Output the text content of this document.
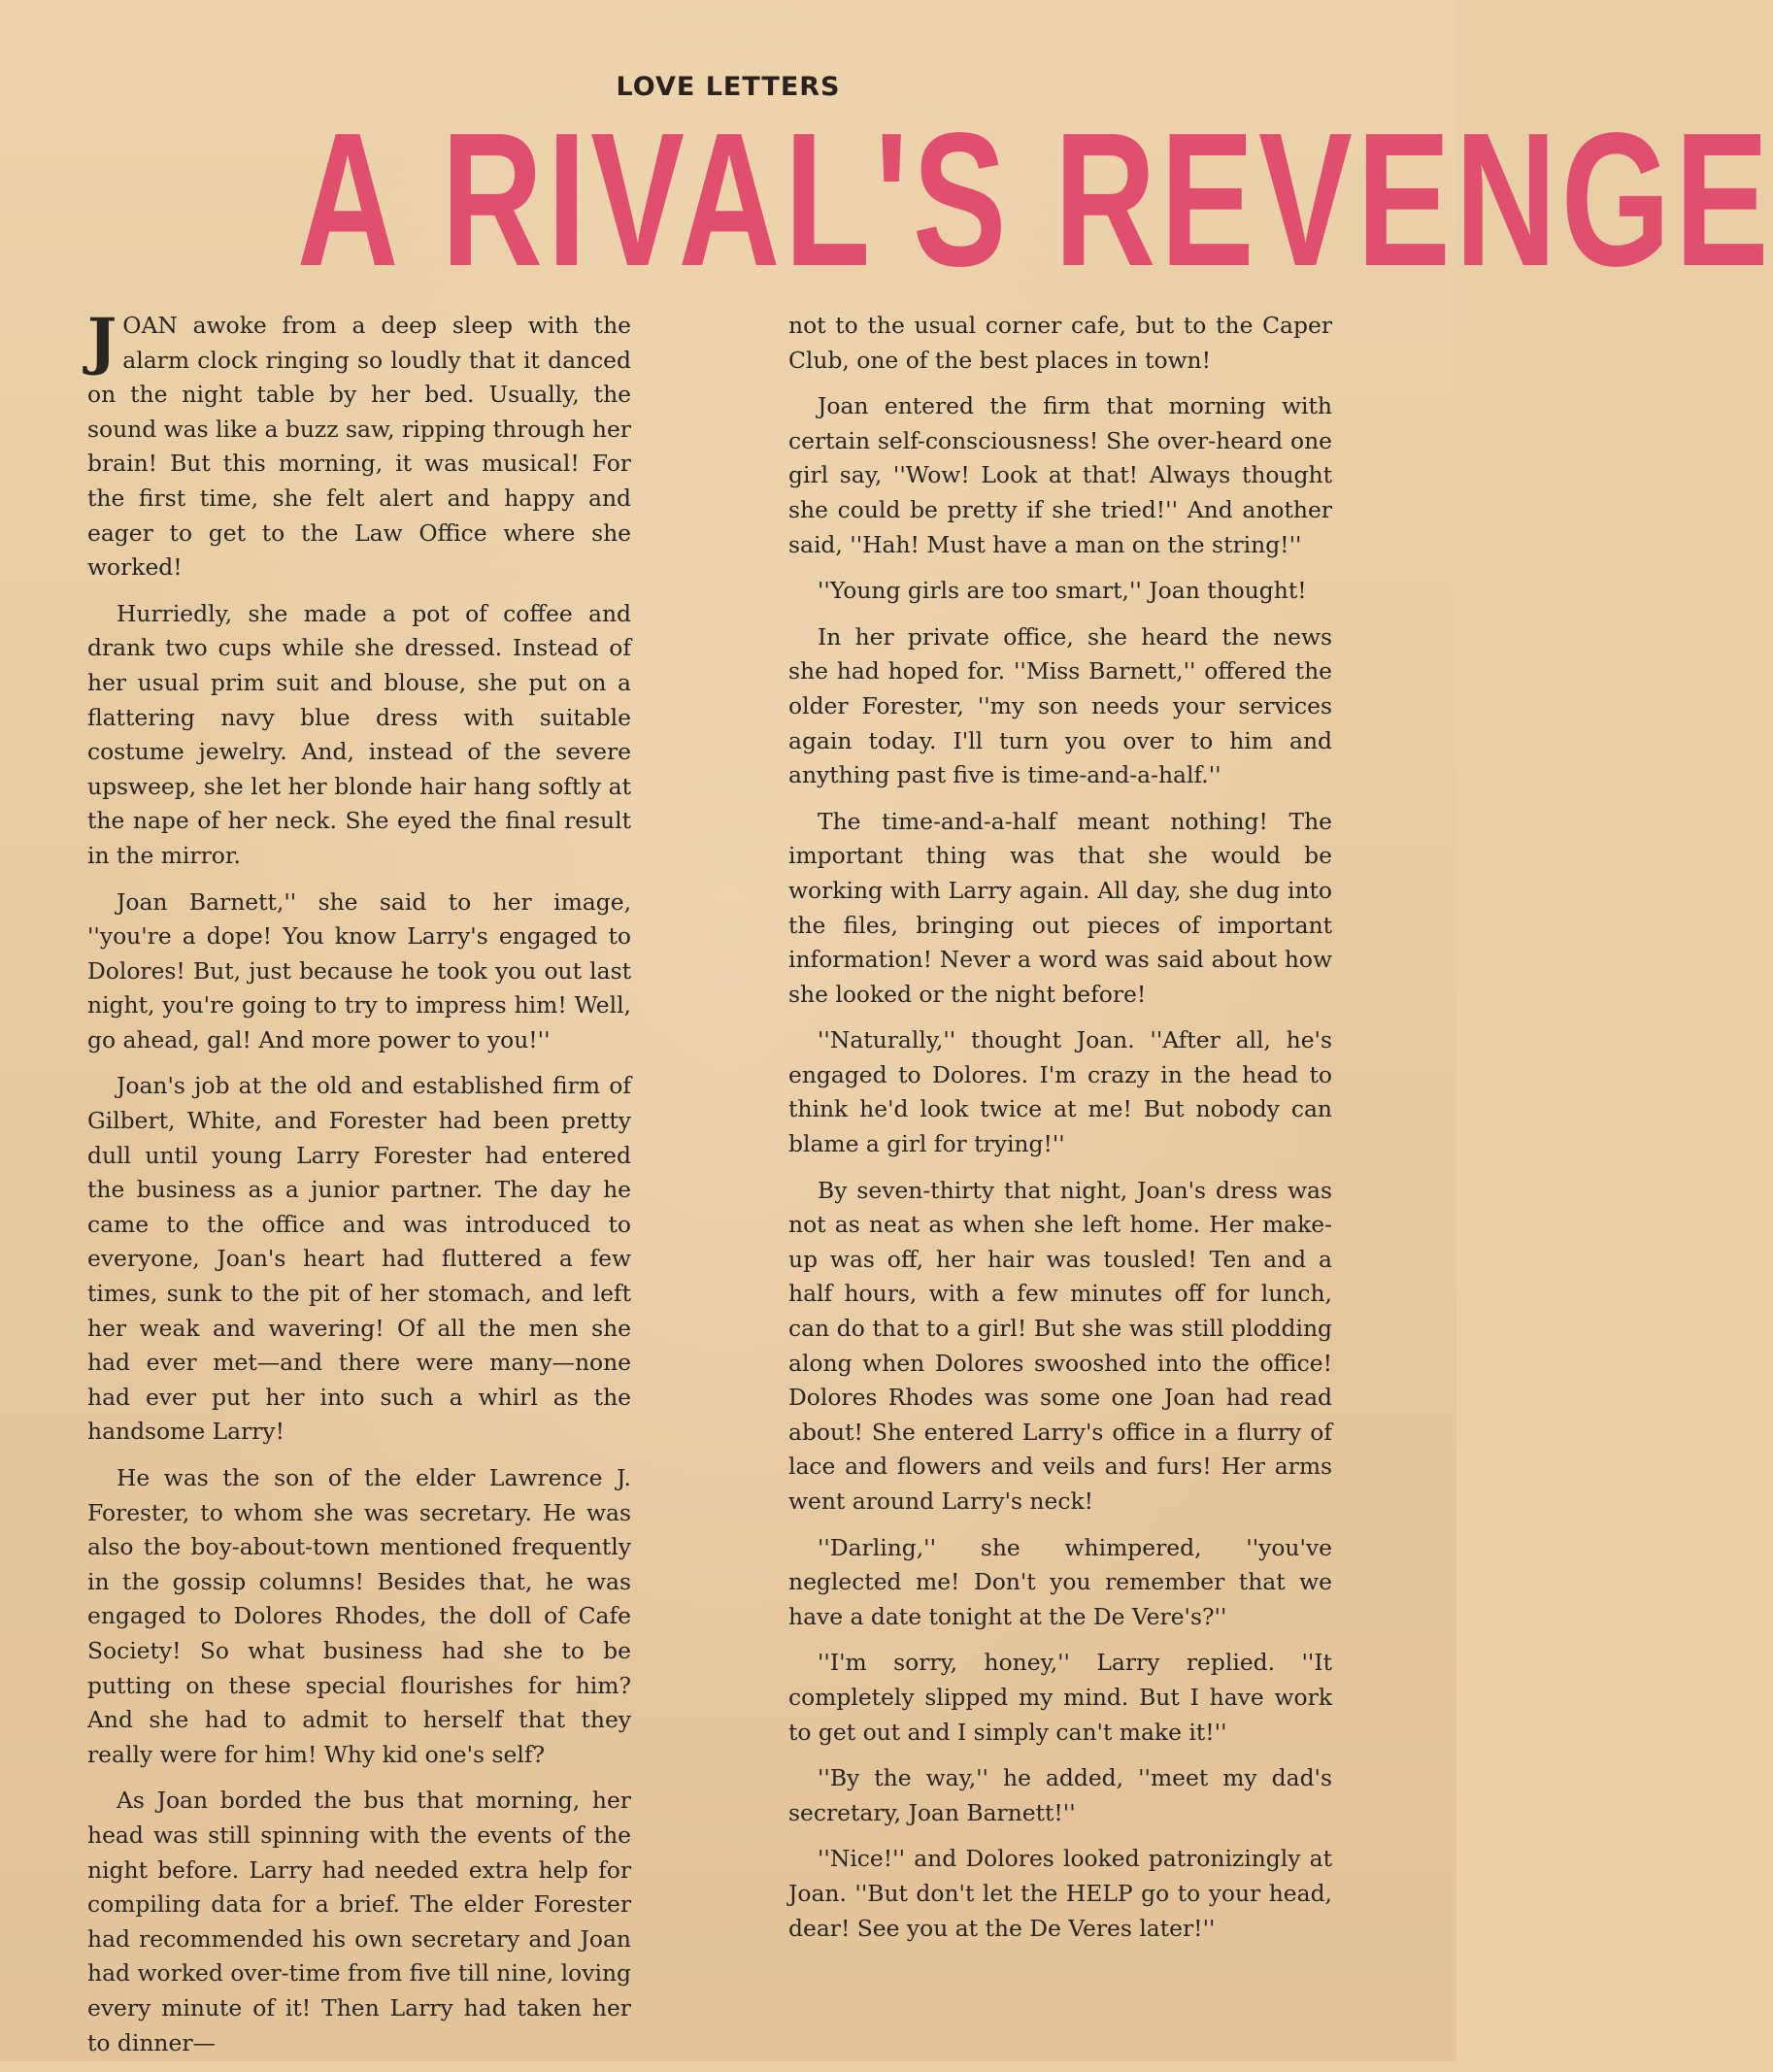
LOVE LETTERS
A RIVAL'S REVENGE

JOAN awoke from a deep sleep with the alarm clock ringing so loudly that it danced on the night table by her bed. Usually, the sound was like a buzz saw, ripping through her brain! But this morning, it was musical! For the first time, she felt alert and happy and eager to get to the Law Office where she worked!

Hurriedly, she made a pot of coffee and drank two cups while she dressed. Instead of her usual prim suit and blouse, she put on a flattering navy blue dress with suitable costume jewelry. And, instead of the severe upsweep, she let her blonde hair hang softly at the nape of her neck. She eyed the final result in the mirror.

Joan Barnett,'' she said to her image, ''you're a dope! You know Larry's engaged to Dolores! But, just because he took you out last night, you're going to try to impress him! Well, go ahead, gal! And more power to you!''

Joan's job at the old and established firm of Gilbert, White, and Forester had been pretty dull until young Larry Forester had entered the business as a junior partner. The day he came to the office and was introduced to everyone, Joan's heart had fluttered a few times, sunk to the pit of her stomach, and left her weak and wavering! Of all the men she had ever met—and there were many—none had ever put her into such a whirl as the handsome Larry!

He was the son of the elder Lawrence J. Forester, to whom she was secretary. He was also the boy-about-town mentioned frequently in the gossip columns! Besides that, he was engaged to Dolores Rhodes, the doll of Cafe Society! So what business had she to be putting on these special flourishes for him? And she had to admit to herself that they really were for him! Why kid one's self?

As Joan borded the bus that morning, her head was still spinning with the events of the night before. Larry had needed extra help for compiling data for a brief. The elder Forester had recommended his own secretary and Joan had worked over-time from five till nine, loving every minute of it! Then Larry had taken her to dinner—

not to the usual corner cafe, but to the Caper Club, one of the best places in town!

Joan entered the firm that morning with certain self-consciousness! She over-heard one girl say, ''Wow! Look at that! Always thought she could be pretty if she tried!'' And another said, ''Hah! Must have a man on the string!''

''Young girls are too smart,'' Joan thought!

In her private office, she heard the news she had hoped for. ''Miss Barnett,'' offered the older Forester, ''my son needs your services again today. I'll turn you over to him and anything past five is time-and-a-half.''

The time-and-a-half meant nothing! The important thing was that she would be working with Larry again. All day, she dug into the files, bringing out pieces of important information! Never a word was said about how she looked or the night before!

''Naturally,'' thought Joan. ''After all, he's engaged to Dolores. I'm crazy in the head to think he'd look twice at me! But nobody can blame a girl for trying!''

By seven-thirty that night, Joan's dress was not as neat as when she left home. Her make-up was off, her hair was tousled! Ten and a half hours, with a few minutes off for lunch, can do that to a girl! But she was still plodding along when Dolores swooshed into the office! Dolores Rhodes was some one Joan had read about! She entered Larry's office in a flurry of lace and flowers and veils and furs! Her arms went around Larry's neck!

''Darling,'' she whimpered, ''you've neglected me! Don't you remember that we have a date tonight at the De Vere's?''

''I'm sorry, honey,'' Larry replied. ''It completely slipped my mind. But I have work to get out and I simply can't make it!''

''By the way,'' he added, ''meet my dad's secretary, Joan Barnett!''

''Nice!'' and Dolores looked patronizingly at Joan. ''But don't let the HELP go to your head, dear! See you at the De Veres later!''
